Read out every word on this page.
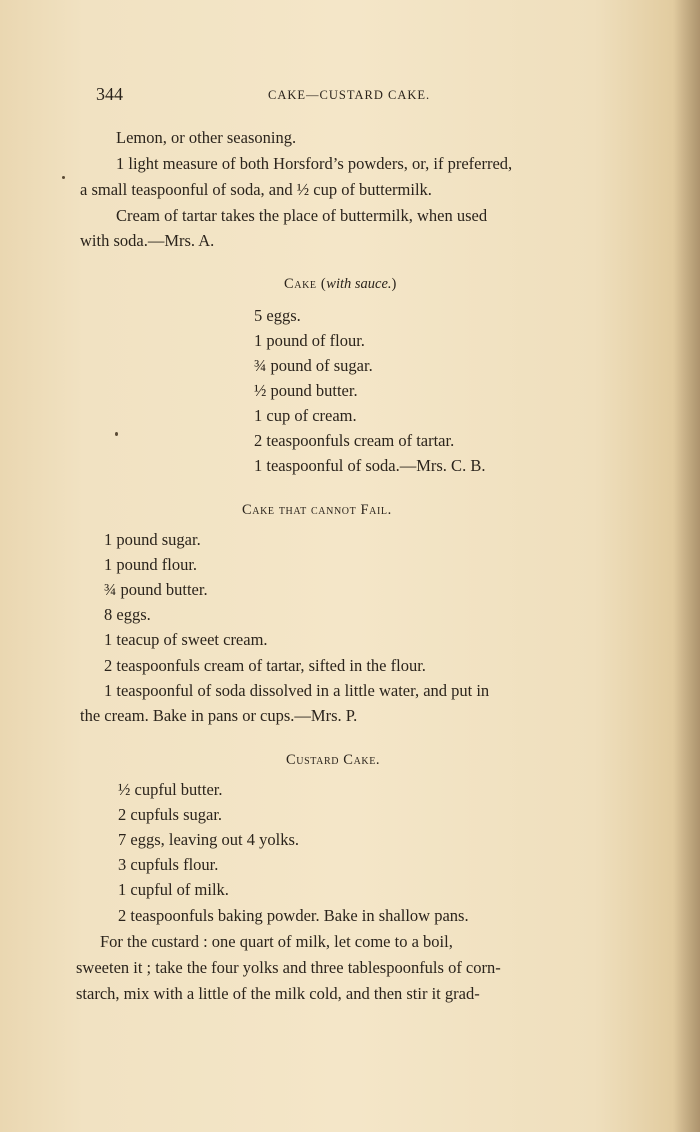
344	CAKE—CUSTARD CAKE.
Lemon, or other seasoning.
1 light measure of both Horsford’s powders, or, if preferred,
a small teaspoonful of soda, and ½ cup of buttermilk.
Cream of tartar takes the place of buttermilk, when used
with soda.—Mrs. A.
Cake (with sauce.)
5 eggs.
1 pound of flour.
¾ pound of sugar.
½ pound butter.
1 cup of cream.
2 teaspoonfuls cream of tartar.
1 teaspoonful of soda.—Mrs. C. B.
Cake that cannot Fail.
1 pound sugar.
1 pound flour.
¾ pound butter.
8 eggs.
1 teacup of sweet cream.
2 teaspoonfuls cream of tartar, sifted in the flour.
1 teaspoonful of soda dissolved in a little water, and put in
the cream. Bake in pans or cups.—Mrs. P.
Custard Cake.
½ cupful butter.
2 cupfuls sugar.
7 eggs, leaving out 4 yolks.
3 cupfuls flour.
1 cupful of milk.
2 teaspoonfuls baking powder. Bake in shallow pans.
For the custard : one quart of milk, let come to a boil,
sweeten it ; take the four yolks and three tablespoonfuls of corn-
starch, mix with a little of the milk cold, and then stir it grad-
